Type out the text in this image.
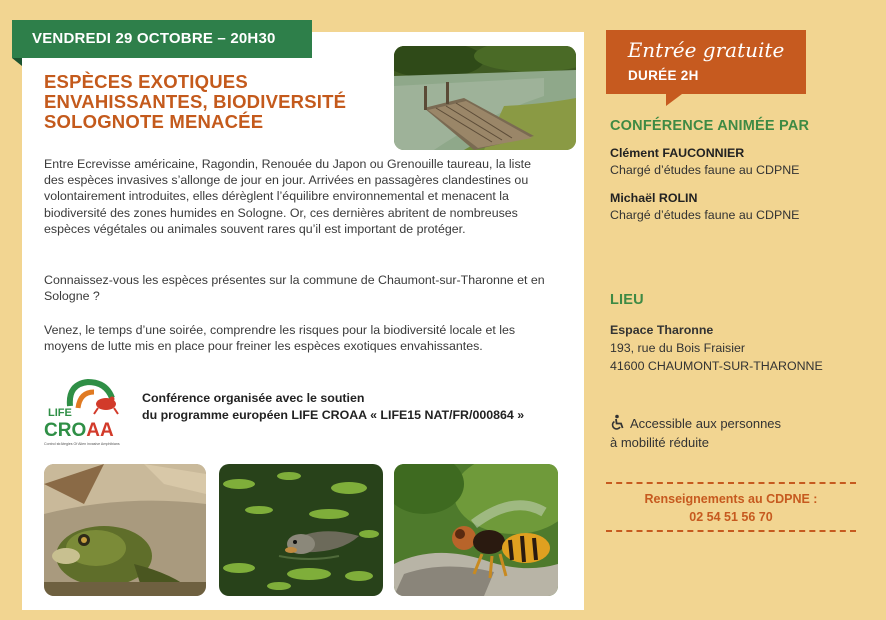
VENDREDI 29 OCTOBRE – 20H30
ESPÈCES EXOTIQUES ENVAHISSANTES, BIODIVERSITÉ SOLOGNOTE MENACÉE

Entre Ecrevisse américaine, Ragondin, Renouée du Japon ou Grenouille taureau, la liste des espèces invasives s’allonge de jour en jour. Arrivées en passagères clandestines ou volontairement introduites, elles dérèglent l’équilibre environnemental et menacent la biodiversité des zones humides en Sologne. Or, ces dernières abritent de nombreuses espèces végétales ou animales souvent rares qu’il est important de protéger.

Connaissez-vous les espèces présentes sur la commune de Chaumont-sur-Tharonne et en Sologne ?

Venez, le temps d’une soirée, comprendre les risques pour la biodiversité locale et les moyens de lutte mis en place pour freiner les espèces exotiques envahissantes.

LIFE
CROAA
Control strAtegies Of Alien invasive Amphibians
Conférence organisée avec le soutien
du programme européen LIFE CROAA « LIFE15 NAT/FR/000864 »
Entrée gratuite
DURÉE 2H
CONFÉRENCE ANIMÉE PAR
Clément FAUCONNIER
Chargé d’études faune au CDPNE
Michaël ROLIN
Chargé d’études faune au CDPNE
LIEU
Espace Tharonne
193, rue du Bois Fraisier
41600 CHAUMONT-SUR-THARONNE
Accessible aux personnes
à mobilité réduite
Renseignements au CDPNE :
02 54 51 56 70
